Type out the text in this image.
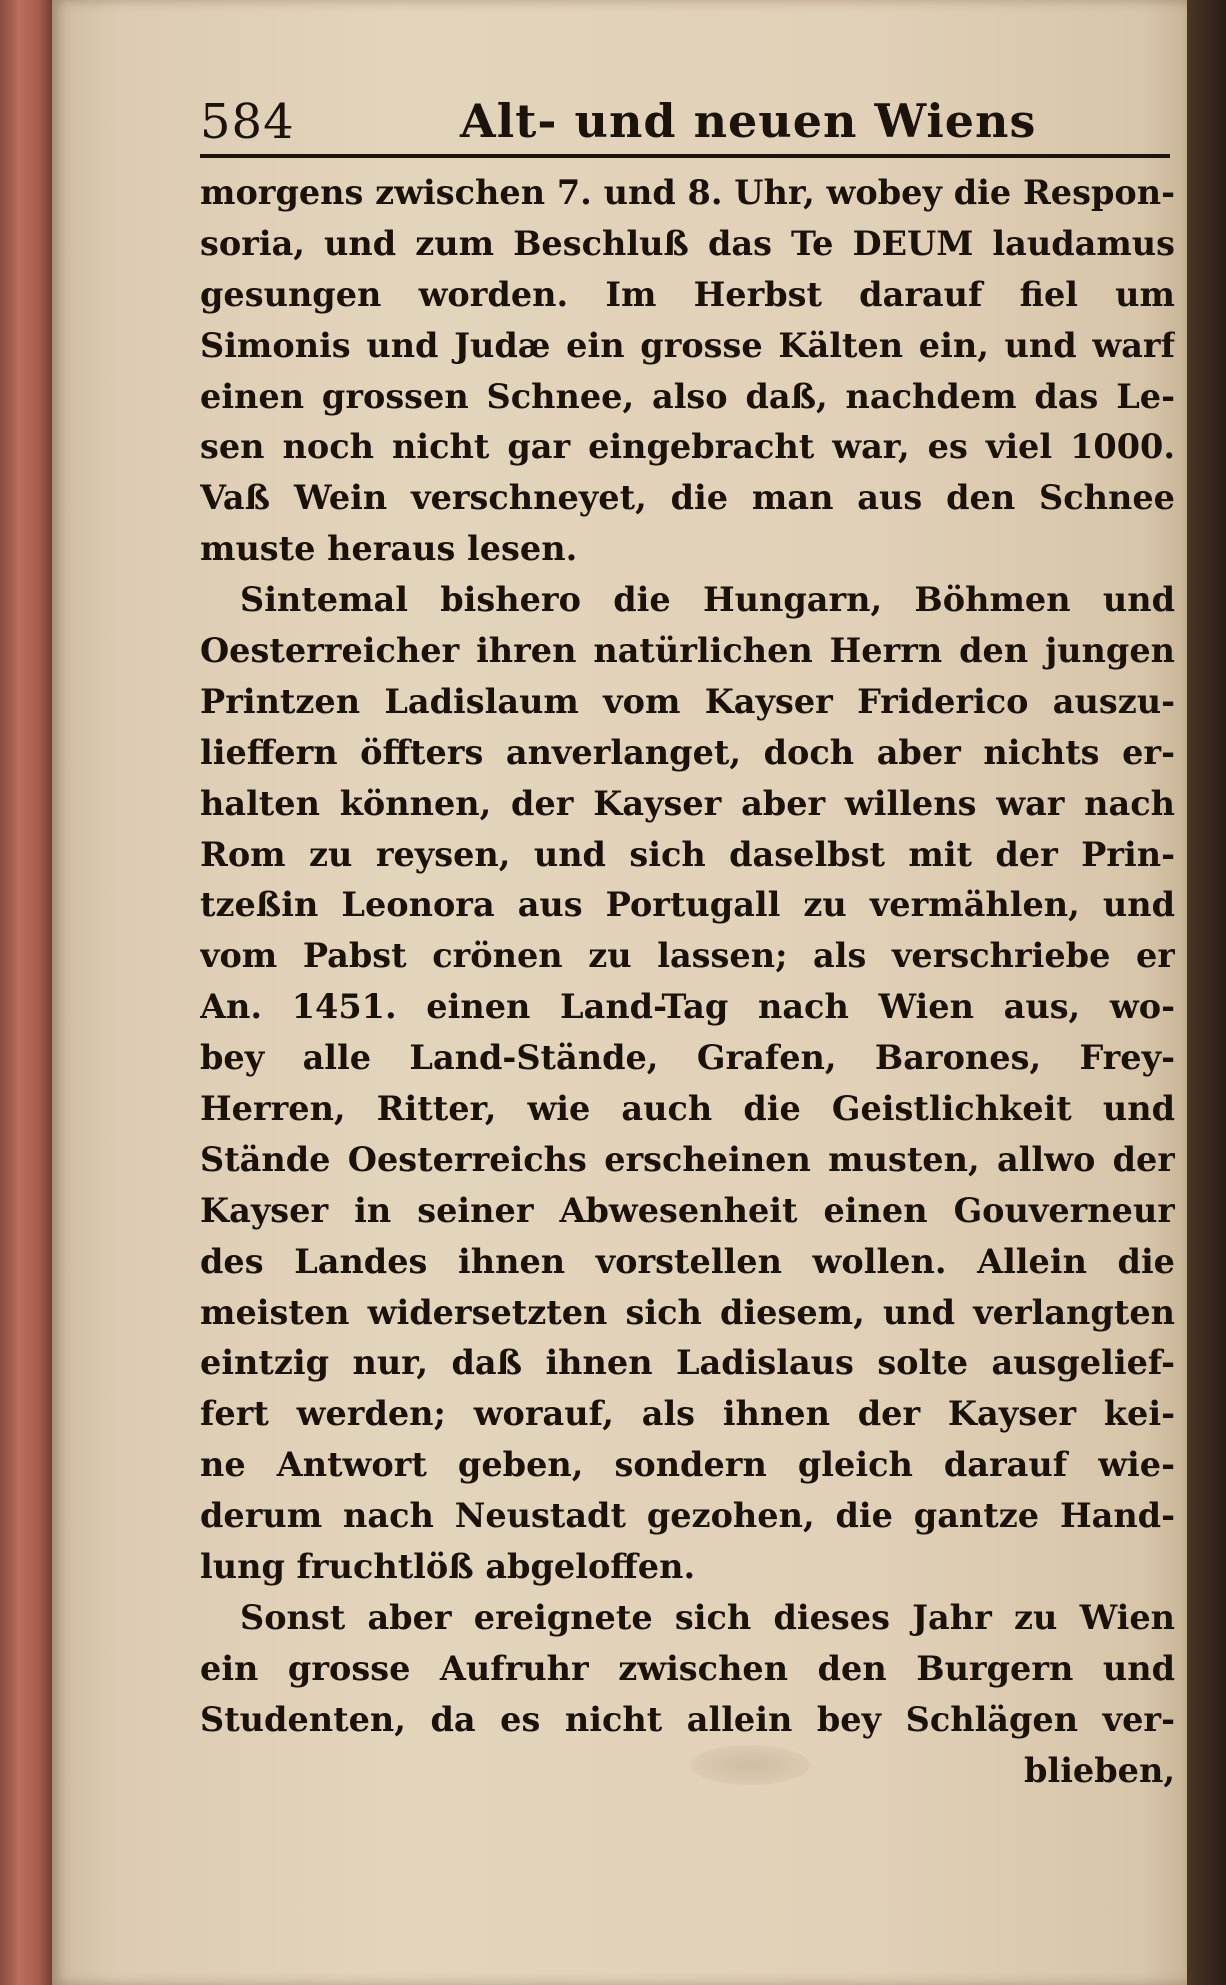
584	Alt- und neuen Wiens
morgens zwischen 7. und 8. Uhr, wobey die Respon-
soria, und zum Beschluß das Te DEUM laudamus
gesungen worden. Im Herbst darauf fiel um
Simonis und Judæ ein grosse Kälten ein, und warf
einen grossen Schnee, also daß, nachdem das Le-
sen noch nicht gar eingebracht war, es viel 1000.
Vaß Wein verschneyet, die man aus den Schnee
muste heraus lesen.
Sintemal bishero die Hungarn, Böhmen und
Oesterreicher ihren natürlichen Herrn den jungen
Printzen Ladislaum vom Kayser Friderico auszu-
lieffern öffters anverlanget, doch aber nichts er-
halten können, der Kayser aber willens war nach
Rom zu reysen, und sich daselbst mit der Prin-
tzeßin Leonora aus Portugall zu vermählen, und
vom Pabst crönen zu lassen; als verschriebe er
An. 1451. einen Land-Tag nach Wien aus, wo-
bey alle Land-Stände, Grafen, Barones, Frey-
Herren, Ritter, wie auch die Geistlichkeit und
Stände Oesterreichs erscheinen musten, allwo der
Kayser in seiner Abwesenheit einen Gouverneur
des Landes ihnen vorstellen wollen. Allein die
meisten widersetzten sich diesem, und verlangten
eintzig nur, daß ihnen Ladislaus solte ausgelief-
fert werden; worauf, als ihnen der Kayser kei-
ne Antwort geben, sondern gleich darauf wie-
derum nach Neustadt gezohen, die gantze Hand-
lung fruchtlöß abgeloffen.
Sonst aber ereignete sich dieses Jahr zu Wien
ein grosse Aufruhr zwischen den Burgern und
Studenten, da es nicht allein bey Schlägen ver-
blieben,
